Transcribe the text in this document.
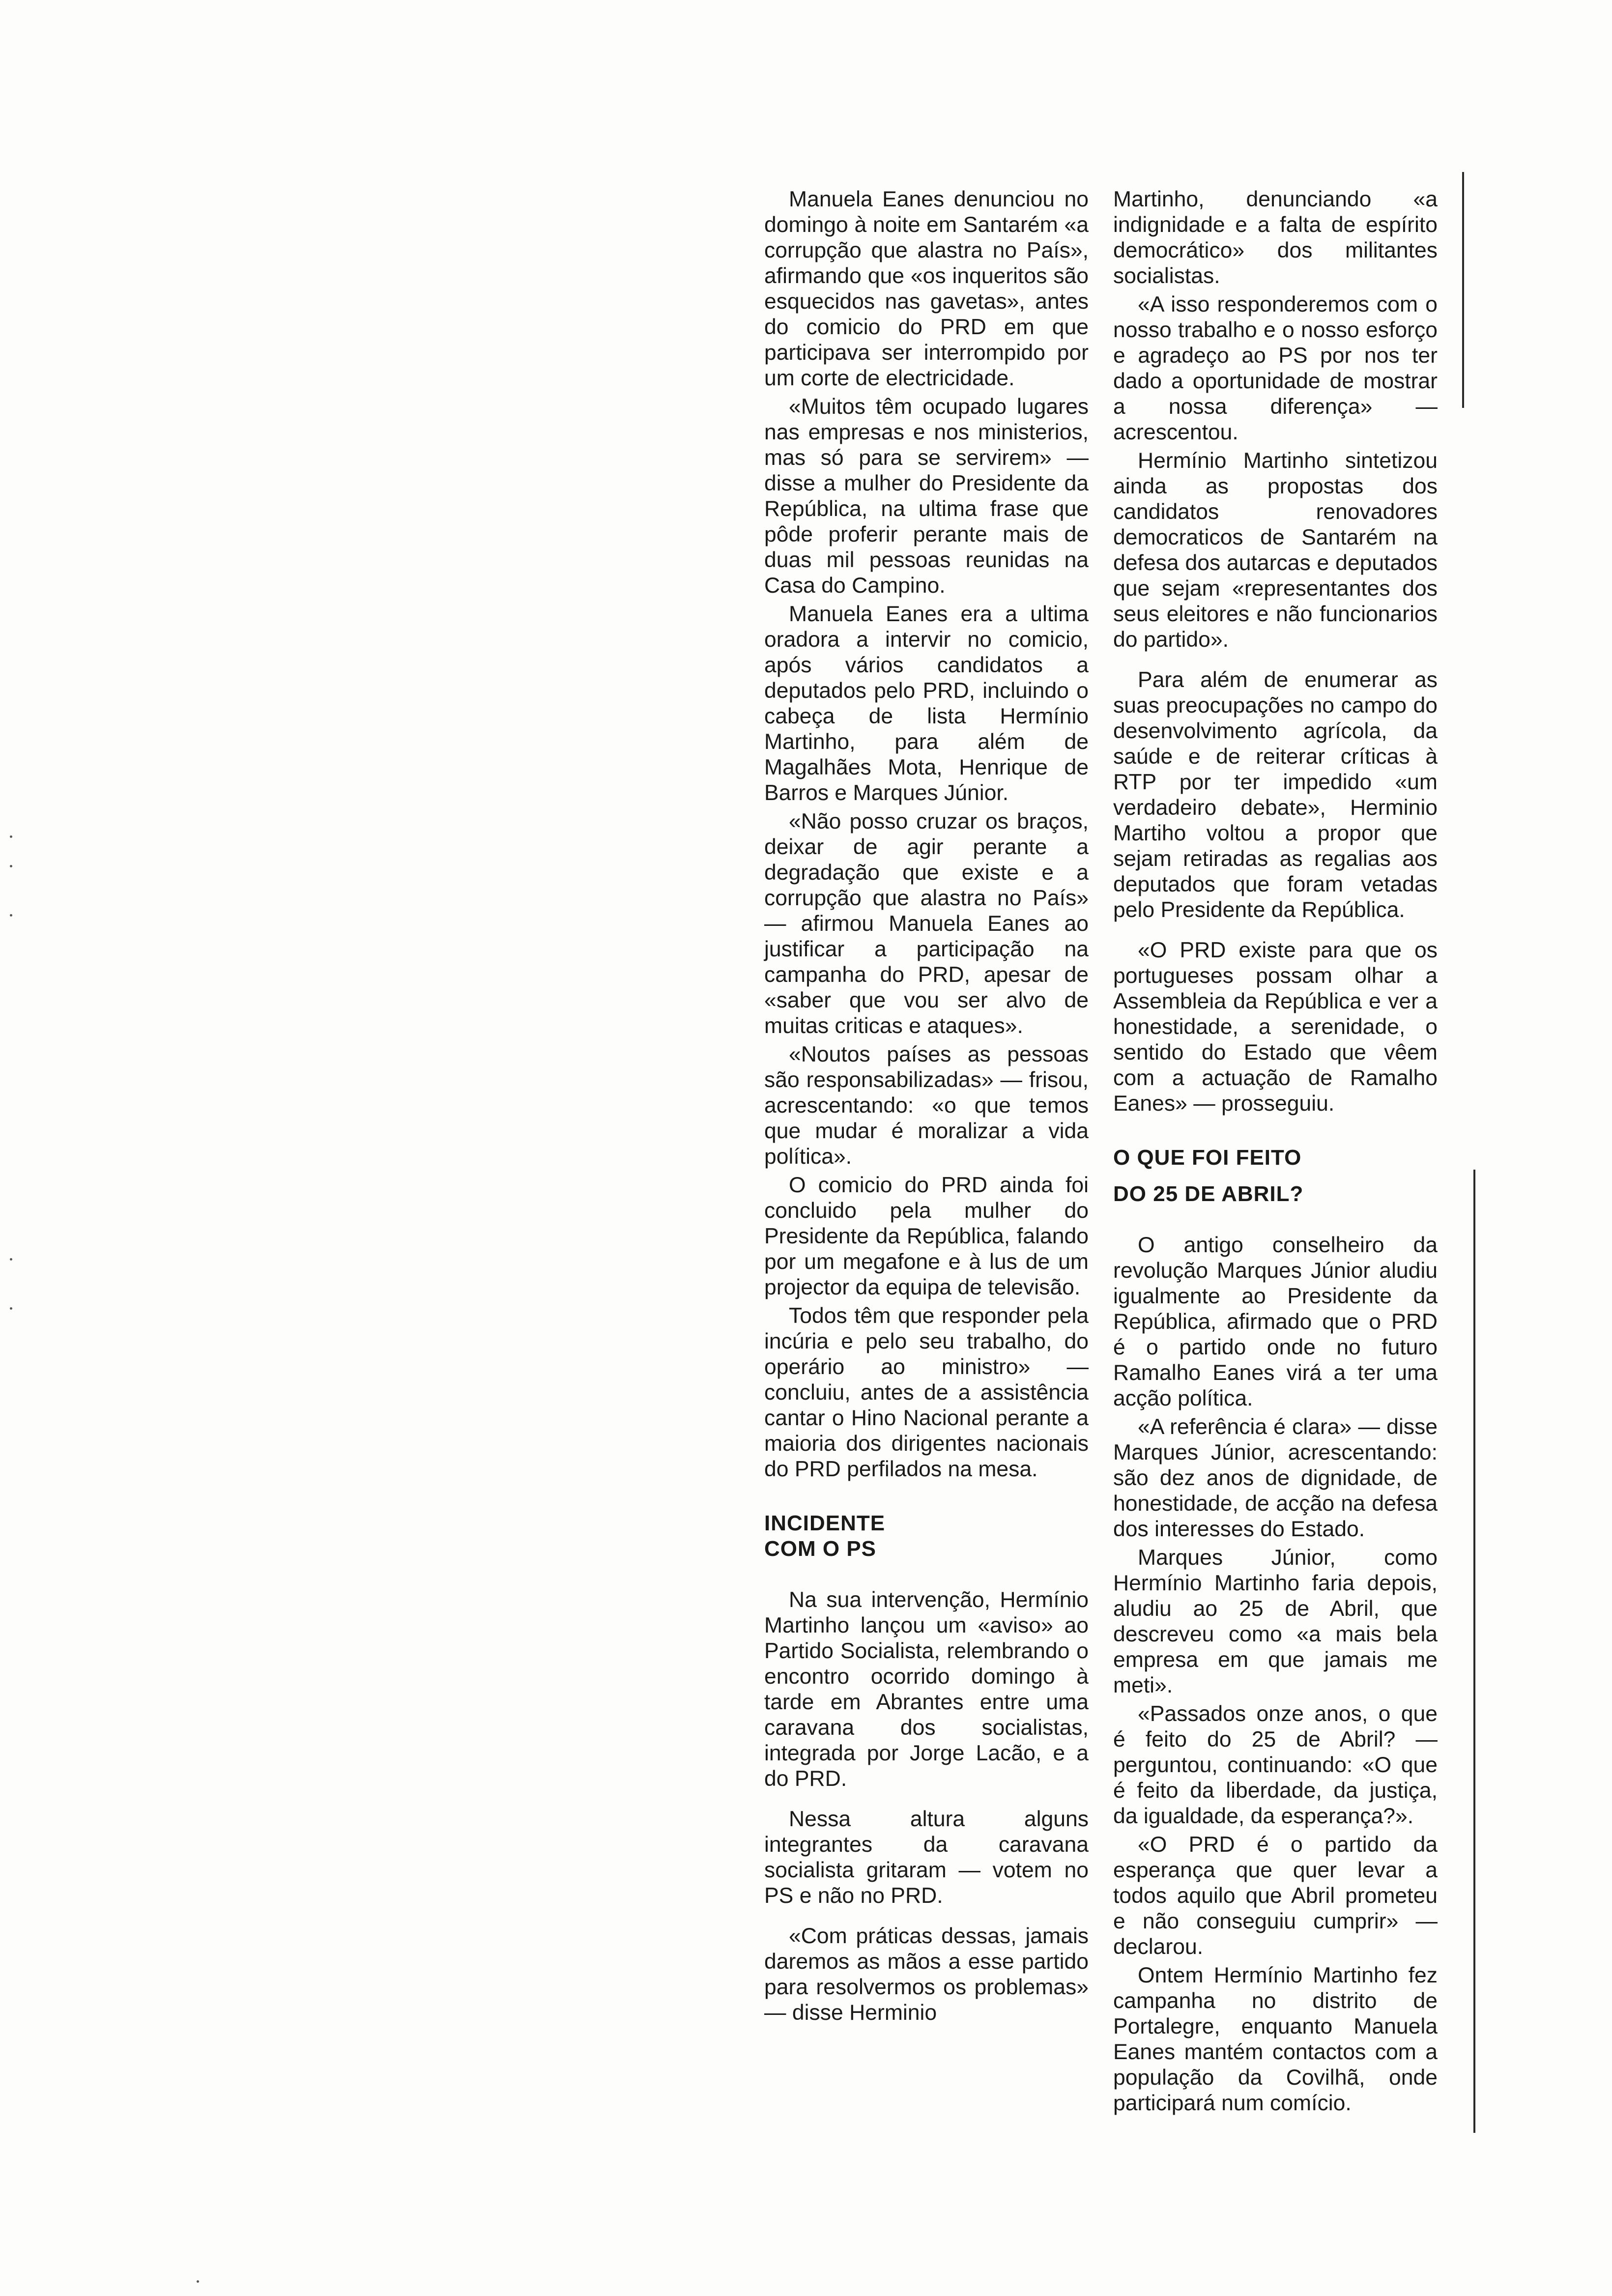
Manuela Eanes denunciou no domingo à noite em Santarém «a corrupção que alastra no País», afirmando que «os inqueritos são esquecidos nas gavetas», antes do comicio do PRD em que participava ser interrompido por um corte de electricidade.

«Muitos têm ocupado lugares nas empresas e nos ministerios, mas só para se servirem» — disse a mulher do Presidente da República, na ultima frase que pôde proferir perante mais de duas mil pessoas reunidas na Casa do Campino.

Manuela Eanes era a ultima oradora a intervir no comicio, após vários candidatos a deputados pelo PRD, incluindo o cabeça de lista Hermínio Martinho, para além de Magalhães Mota, Henrique de Barros e Marques Júnior.

«Não posso cruzar os braços, deixar de agir perante a degradação que existe e a corrupção que alastra no País» — afirmou Manuela Eanes ao justificar a participação na campanha do PRD, apesar de «saber que vou ser alvo de muitas criticas e ataques».

«Noutos países as pessoas são responsabilizadas» — frisou, acrescentando: «o que temos que mudar é moralizar a vida política».

O comicio do PRD ainda foi concluido pela mulher do Presidente da República, falando por um megafone e à lus de um projector da equipa de televisão.

Todos têm que responder pela incúria e pelo seu trabalho, do operário ao ministro» — concluiu, antes de a assistência cantar o Hino Nacional perante a maioria dos dirigentes nacionais do PRD perfilados na mesa.

INCIDENTE
COM O PS

Na sua intervenção, Hermínio Martinho lançou um «aviso» ao Partido Socialista, relembrando o encontro ocorrido domingo à tarde em Abrantes entre uma caravana dos socialistas, integrada por Jorge Lacão, e a do PRD.

Nessa altura alguns integrantes da caravana socialista gritaram — votem no PS e não no PRD.

«Com práticas dessas, jamais daremos as mãos a esse partido para resolvermos os problemas» — disse Herminio

Martinho, denunciando «a indignidade e a falta de espírito democrático» dos militantes socialistas.

«A isso responderemos com o nosso trabalho e o nosso esforço e agradeço ao PS por nos ter dado a oportunidade de mostrar a nossa diferença» — acrescentou.

Hermínio Martinho sintetizou ainda as propostas dos candidatos renovadores democraticos de Santarém na defesa dos autarcas e deputados que sejam «representantes dos seus eleitores e não funcionarios do partido».

Para além de enumerar as suas preocupações no campo do desenvolvimento agrícola, da saúde e de reiterar críticas à RTP por ter impedido «um verdadeiro debate», Herminio Martiho voltou a propor que sejam retiradas as regalias aos deputados que foram vetadas pelo Presidente da República.

«O PRD existe para que os portugueses possam olhar a Assembleia da República e ver a honestidade, a serenidade, o sentido do Estado que vêem com a actuação de Ramalho Eanes» — prosseguiu.

O QUE FOI FEITO
DO 25 DE ABRIL?

O antigo conselheiro da revolução Marques Júnior aludiu igualmente ao Presidente da República, afirmado que o PRD é o partido onde no futuro Ramalho Eanes virá a ter uma acção política.

«A referência é clara» — disse Marques Júnior, acrescentando: são dez anos de dignidade, de honestidade, de acção na defesa dos interesses do Estado.

Marques Júnior, como Hermínio Martinho faria depois, aludiu ao 25 de Abril, que descreveu como «a mais bela empresa em que jamais me meti».

«Passados onze anos, o que é feito do 25 de Abril? — perguntou, continuando: «O que é feito da liberdade, da justiça, da igualdade, da esperança?».

«O PRD é o partido da esperança que quer levar a todos aquilo que Abril prometeu e não conseguiu cumprir» — declarou.

Ontem Hermínio Martinho fez campanha no distrito de Portalegre, enquanto Manuela Eanes mantém contactos com a população da Covilhã, onde participará num comício.
